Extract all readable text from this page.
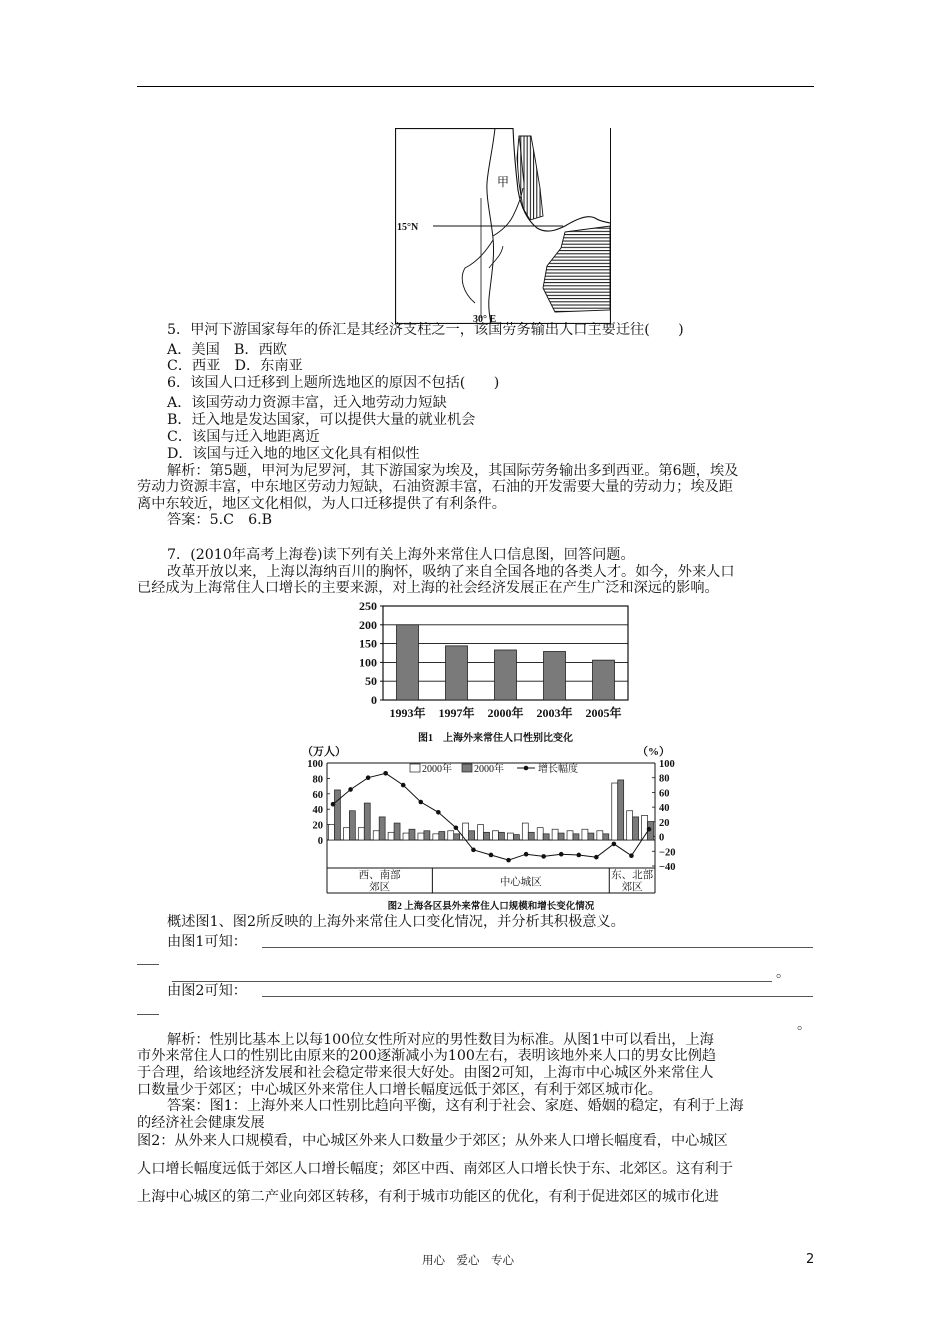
甲
15°N
30° E
5．甲河下游国家每年的侨汇是其经济支柱之一，该国劳务输出人口主要迁往(　　)
A．美国　B．西欧
C．西亚　D．东南亚
6．该国人口迁移到上题所选地区的原因不包括(　　)
A．该国劳动力资源丰富，迁入地劳动力短缺
B．迁入地是发达国家，可以提供大量的就业机会
C．该国与迁入地距离近
D．该国与迁入地的地区文化具有相似性
解析：第5题，甲河为尼罗河，其下游国家为埃及，其国际劳务输出多到西亚。第6题，埃及
劳动力资源丰富，中东地区劳动力短缺，石油资源丰富，石油的开发需要大量的劳动力；埃及距
离中东较近，地区文化相似，为人口迁移提供了有利条件。
答案：5.C　6.B
7．(2010年高考上海卷)读下列有关上海外来常住人口信息图，回答问题。
改革开放以来，上海以海纳百川的胸怀，吸纳了来自全国各地的各类人才。如今，外来人口
已经成为上海常住人口增长的主要来源，对上海的社会经济发展正在产生广泛和深远的影响。
0
50
100
150
200
250
1993年 1997年 2000年 2003年 2005年
图1　上海外来常住人口性别比变化
（万人）	（%）
0
20
40
60
80
100
−40
−20
0
20
40
60
80
100
2000年 2000年	增长幅度
西、南部郊区	中心城区
东、北部郊区
图2 上海各区县外来常住人口规模和增长变化情况
概述图1、图2所反映的上海外来常住人口变化情况，并分析其积极意义。
由图1可知：
。
由图2可知：
。
解析：性别比基本上以每100位女性所对应的男性数目为标准。从图1中可以看出，上海
市外来常住人口的性别比由原来的200逐渐减小为100左右，表明该地外来人口的男女比例趋
于合理，给该地经济发展和社会稳定带来很大好处。由图2可知，上海市中心城区外来常住人
口数量少于郊区；中心城区外来常住人口增长幅度远低于郊区，有利于郊区城市化。
答案：图1：上海外来人口性别比趋向平衡，这有利于社会、家庭、婚姻的稳定，有利于上海
的经济社会健康发展
图2：从外来人口规模看，中心城区外来人口数量少于郊区；从外来人口增长幅度看，中心城区
人口增长幅度远低于郊区人口增长幅度；郊区中西、南郊区人口增长快于东、北郊区。这有利于
上海中心城区的第二产业向郊区转移，有利于城市功能区的优化，有利于促进郊区的城市化进
用心　爱心　专心	2
